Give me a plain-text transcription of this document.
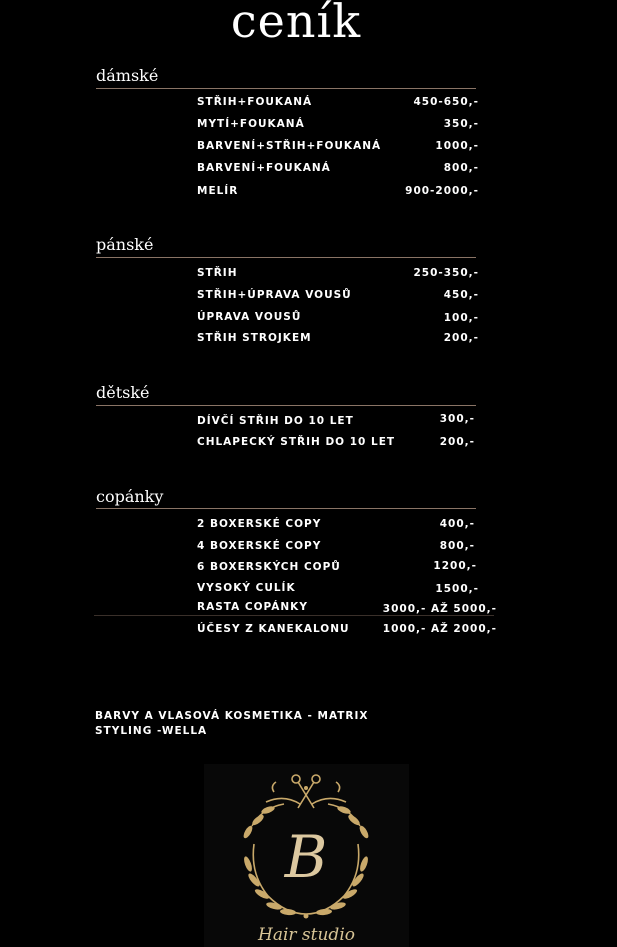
ceník
dámské
STŘIH+FOUKANÁ	450-650,-
MYTÍ+FOUKANÁ	350,-
BARVENÍ+STŘIH+FOUKANÁ	1000,-
BARVENÍ+FOUKANÁ	800,-
MELÍR	900-2000,-
pánské
STŘIH	250-350,-
STŘIH+ÚPRAVA VOUSŮ	450,-
ÚPRAVA VOUSŮ	100,-
STŘIH STROJKEM	200,-
dětské
DÍVČÍ STŘIH DO 10 LET	300,-
CHLAPECKÝ STŘIH DO 10 LET	200,-
copánky
2 BOXERSKÉ COPY	400,-
4 BOXERSKÉ COPY	800,-
6 BOXERSKÝCH COPŮ	1200,-
VYSOKÝ CULÍK	1500,-
RASTA COPÁNKY	3000,- AŽ 5000,-
ÚČESY Z KANEKALONU	1000,- AŽ 2000,-
BARVY A VLASOVÁ KOSMETIKA - MATRIX
STYLING -WELLA
B
Hair studio
